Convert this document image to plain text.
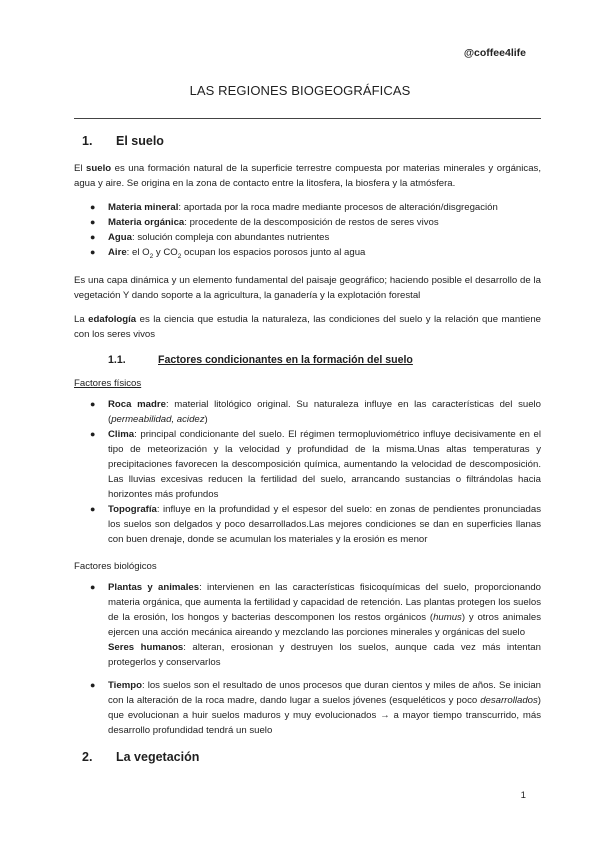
@coffee4life
LAS REGIONES BIOGEOGRÁFICAS
1.	El suelo

El suelo es una formación natural de la superficie terrestre compuesta por materias minerales y orgánicas, agua y aire. Se origina en la zona de contacto entre la litosfera, la biosfera y la atmósfera.

● Materia mineral: aportada por la roca madre mediante procesos de alteración/disgregación
● Materia orgánica: procedente de la descomposición de restos de seres vivos
● Agua: solución compleja con abundantes nutrientes
● Aire: el $O_2$ y $CO_2$ ocupan los espacios porosos junto al agua

Es una capa dinámica y un elemento fundamental del paisaje geográfico; haciendo posible el desarrollo de la vegetación Y dando soporte a la agricultura, la ganadería y la explotación forestal

La edafología es la ciencia que estudia la naturaleza, las condiciones del suelo y la relación que mantiene con los seres vivos

1.1.	Factores condicionantes en la formación del suelo
Factores físicos
● Roca madre: material litológico original. Su naturaleza influye en las características del suelo (permeabilidad, acidez)
● Clima: principal condicionante del suelo. El régimen termopluviométrico influye decisivamente en el tipo de meteorización y la velocidad y profundidad de la misma.Unas altas temperaturas y precipitaciones favorecen la descomposición química, aumentando la velocidad de descomposición. Las lluvias excesivas reducen la fertilidad del suelo, arrancando sustancias o filtrándolas hacia horizontes más profundos
● Topografía: influye en la profundidad y el espesor del suelo: en zonas de pendientes pronunciadas los suelos son delgados y poco desarrollados.Las mejores condiciones se dan en superficies llanas con buen drenaje, donde se acumulan los materiales y la erosión es menor
Factores biológicos
● Plantas y animales: intervienen en las características fisicoquímicas del suelo, proporcionando materia orgánica, que aumenta la fertilidad y capacidad de retención. Las plantas protegen los suelos de la erosión, los hongos y bacterias descomponen los restos orgánicos (humus) y otros animales ejercen una acción mecánica aireando y mezclando las porciones minerales y orgánicas del suelo

Seres humanos: alteran, erosionan y destruyen los suelos, aunque cada vez más intentan protegerlos y conservarlos

● Tiempo: los suelos son el resultado de unos procesos que duran cientos y miles de años. Se inician con la alteración de la roca madre, dando lugar a suelos jóvenes (esqueléticos y poco desarrollados) que evolucionan a huir suelos maduros y muy evolucionados → a mayor tiempo transcurrido, más desarrollo profundidad tendrá un suelo
2.	La vegetación
1
